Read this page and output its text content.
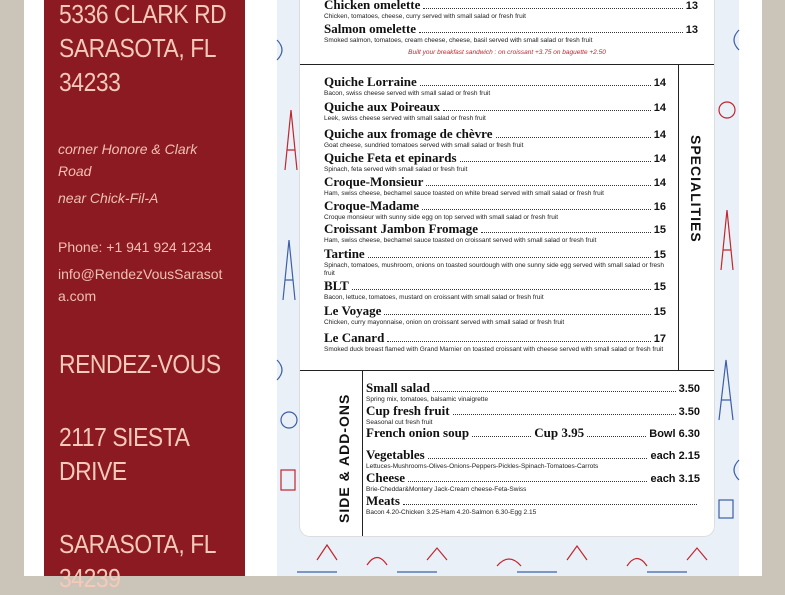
5336 CLARK RD
SARASOTA, FL
34233
corner Honore & Clark Road
near Chick-Fil-A
Phone: +1 941 924 1234
info@RendezVousSarasota.com
RENDEZ-VOUS
2117 SIESTA
DRIVE
SARASOTA, FL
34239
Chicken omelette	13
Chicken, tomatoes, cheese, curry served with small salad or fresh fruit
Salmon omelette	13
Smoked salmon, tomatoes, cream cheese, cheese, basil served with small salad or fresh fruit
Built your breakfast sandwich : on croissant +3.75 on baguette +2.50
SPECIALITIES
Quiche Lorraine	14
Bacon, swiss cheese served with small salad or fresh fruit
Quiche aux Poireaux	14
Leek, swiss cheese served with small salad or fresh fruit
Quiche aux fromage de chèvre	14
Goat cheese, sundried tomatoes served with small salad or fresh fruit
Quiche Feta et epinards	14
Spinach, feta served with small salad or fresh fruit
Croque-Monsieur	14
Ham, swiss cheese, bechamel sauce toasted on white bread served with small salad or fresh fruit
Croque-Madame	16
Croque monsieur with sunny side egg on top served with small salad or fresh fruit
Croissant Jambon Fromage	15
Ham, swiss cheese, bechamel sauce toasted on croissant served with small salad or fresh fruit
Tartine	15
Spinach, tomatoes, mushroom, onions on toasted sourdough with one sunny side egg served with small salad or fresh fruit
BLT	15
Bacon, lettuce, tomatoes, mustard on croissant with small salad or fresh fruit
Le Voyage	15
Chicken, curry mayonnaise, onion on croissant served with small salad or fresh fruit
Le Canard	17
Smoked duck breast flamed with Grand Marnier on toasted croissant with cheese served with small salad or fresh fruit
SIDE & ADD-ONS
Small salad	3.50
Spring mix, tomatoes, balsamic vinaigrette
Cup fresh fruit	3.50
Seasonal cut fresh fruit
French onion soup	Cup 3.95	Bowl 6.30
Vegetables	each 2.15
Lettuces-Mushrooms-Olives-Onions-Peppers-Pickles-Spinach-Tomatoes-Carrots
Cheese	each 3.15
Brie-Cheddar&Montery Jack-Cream cheese-Feta-Swiss
Meats
Bacon 4.20-Chicken 3.25-Ham 4.20-Salmon 6.30-Egg 2.15
